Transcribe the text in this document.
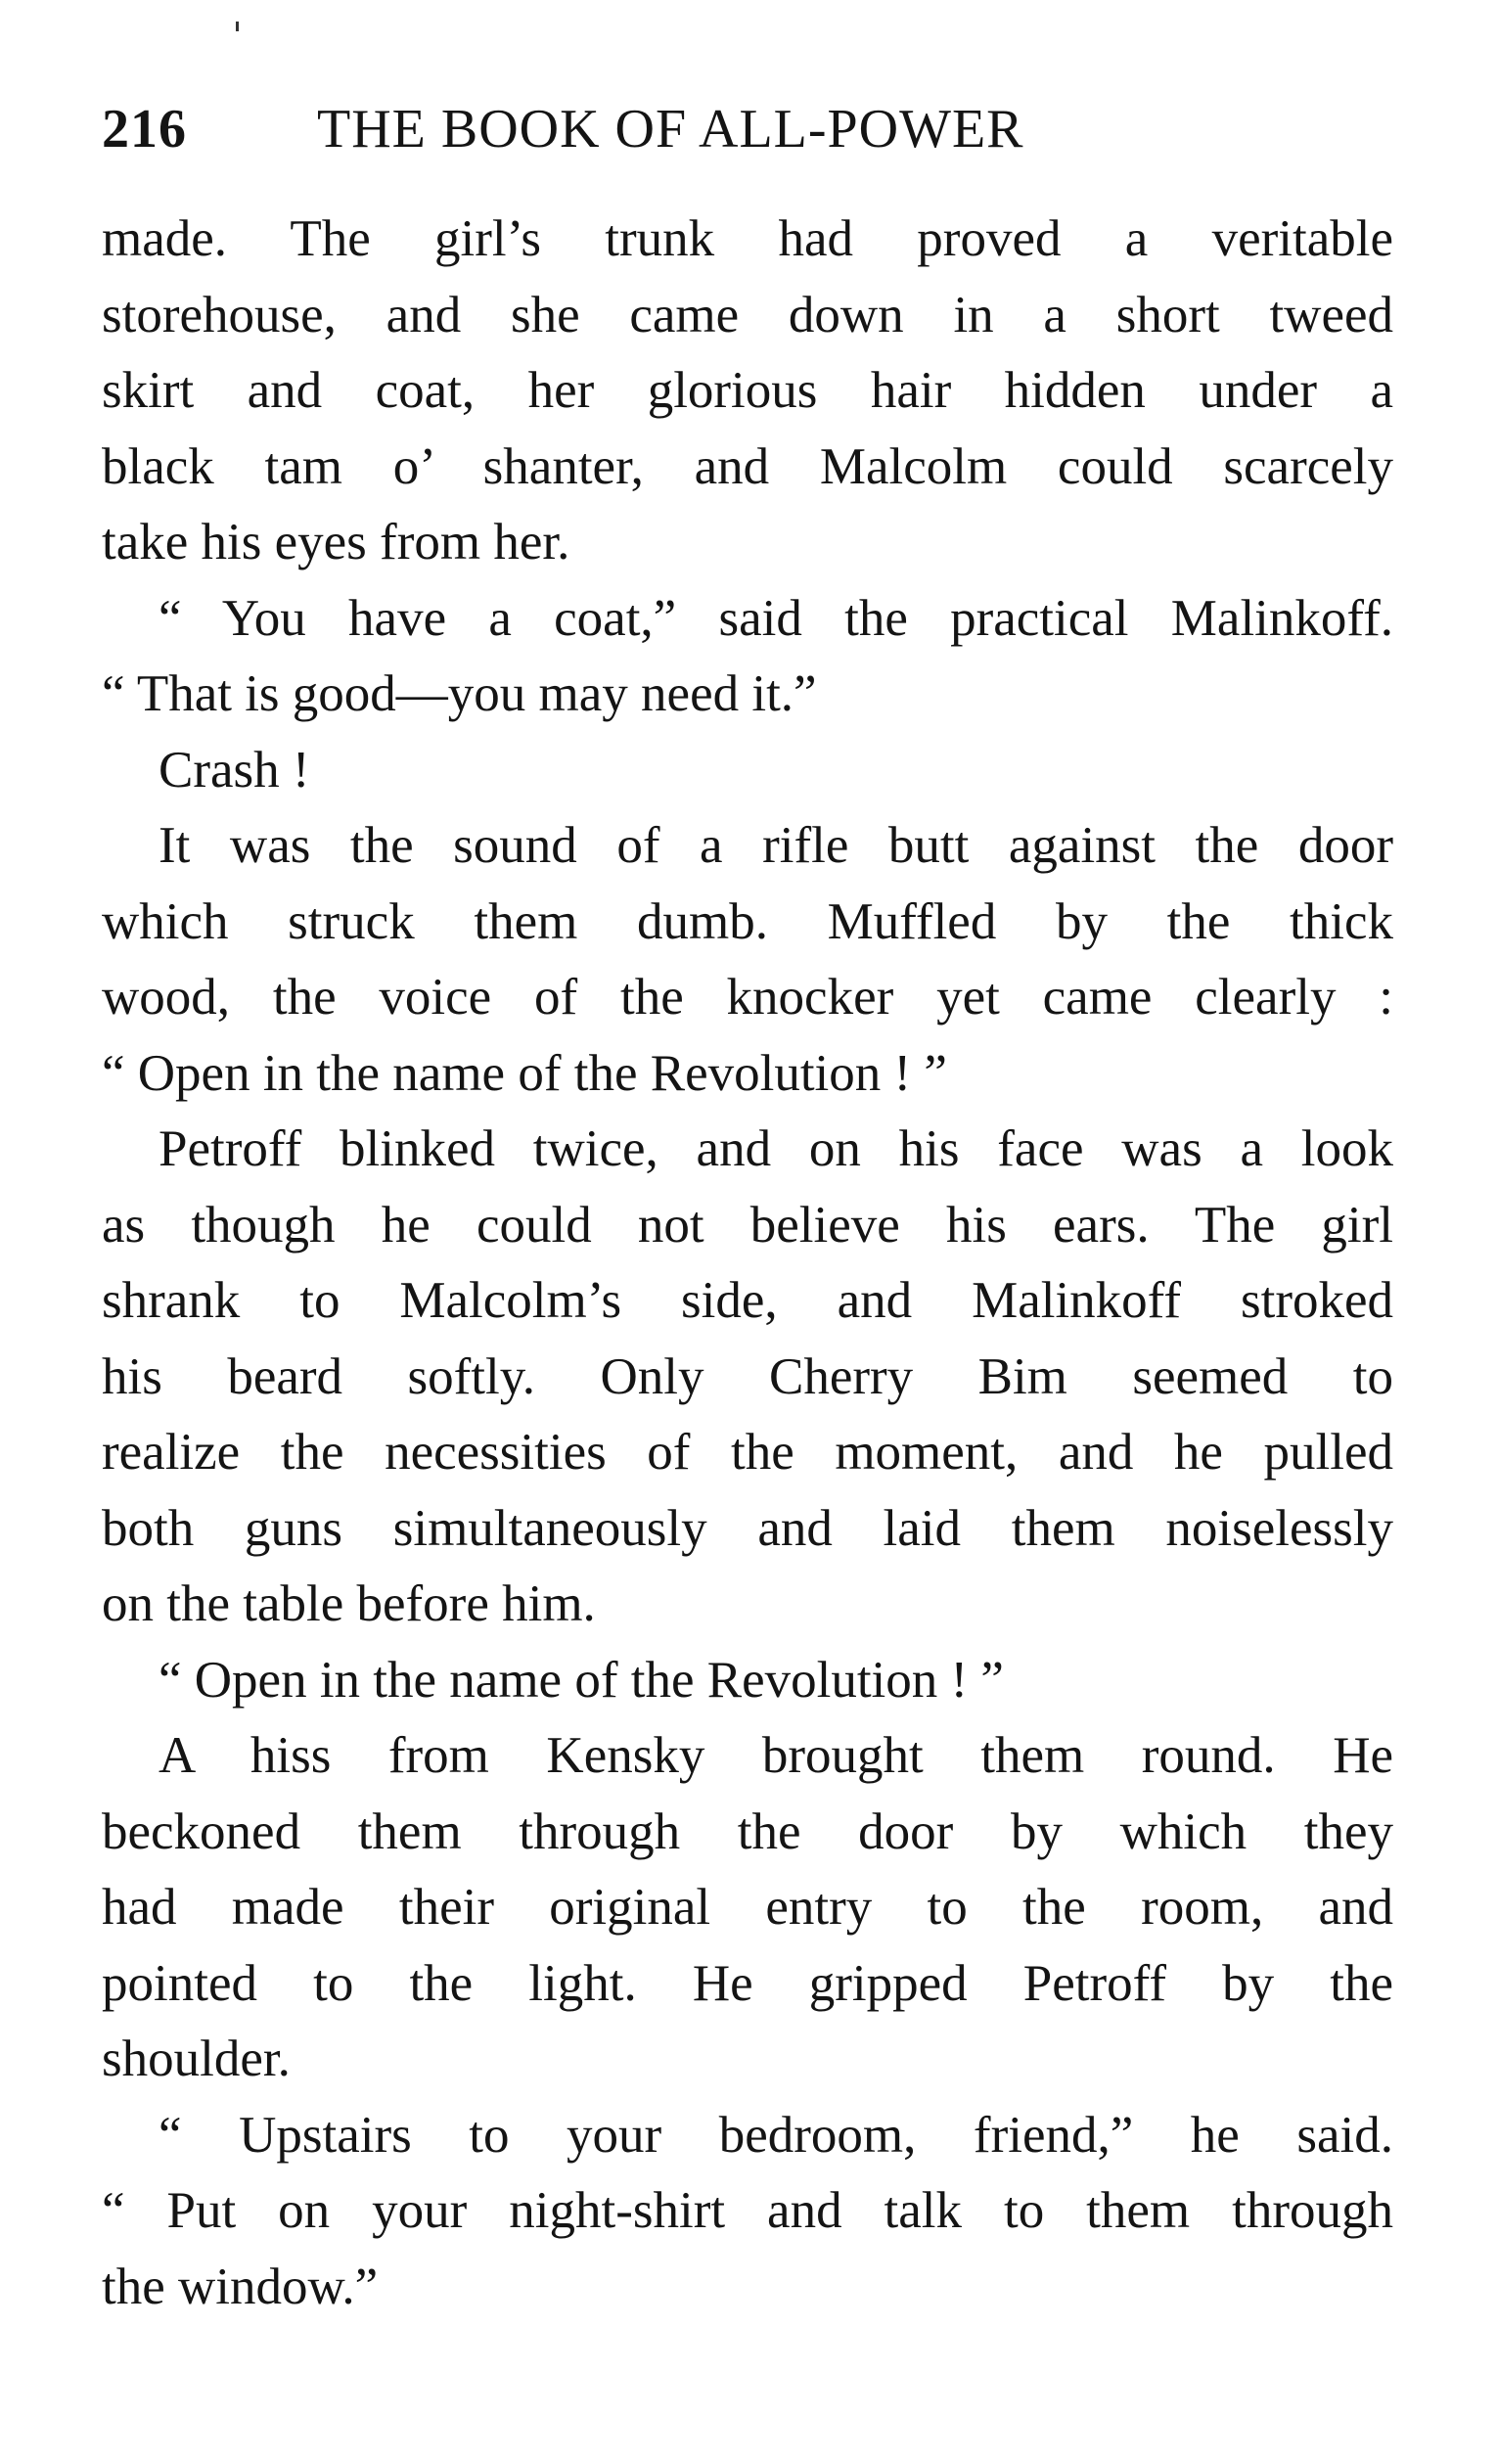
216 THE BOOK OF ALL-POWER
made. The girl’s trunk had proved a veritable
storehouse, and she came down in a short tweed
skirt and coat, her glorious hair hidden under a
black tam o’ shanter, and Malcolm could scarcely
take his eyes from her.
“ You have a coat,” said the practical Malinkoff.
“ That is good—you may need it.”
Crash !
It was the sound of a rifle butt against the door
which struck them dumb. Muffled by the thick
wood, the voice of the knocker yet came clearly :
“ Open in the name of the Revolution ! ”
Petroff blinked twice, and on his face was a look
as though he could not believe his ears. The girl
shrank to Malcolm’s side, and Malinkoff stroked
his beard softly. Only Cherry Bim seemed to
realize the necessities of the moment, and he pulled
both guns simultaneously and laid them noiselessly
on the table before him.
“ Open in the name of the Revolution ! ”
A hiss from Kensky brought them round. He
beckoned them through the door by which they
had made their original entry to the room, and
pointed to the light. He gripped Petroff by the
shoulder.
“ Upstairs to your bedroom, friend,” he said.
“ Put on your night-shirt and talk to them through
the window.”
